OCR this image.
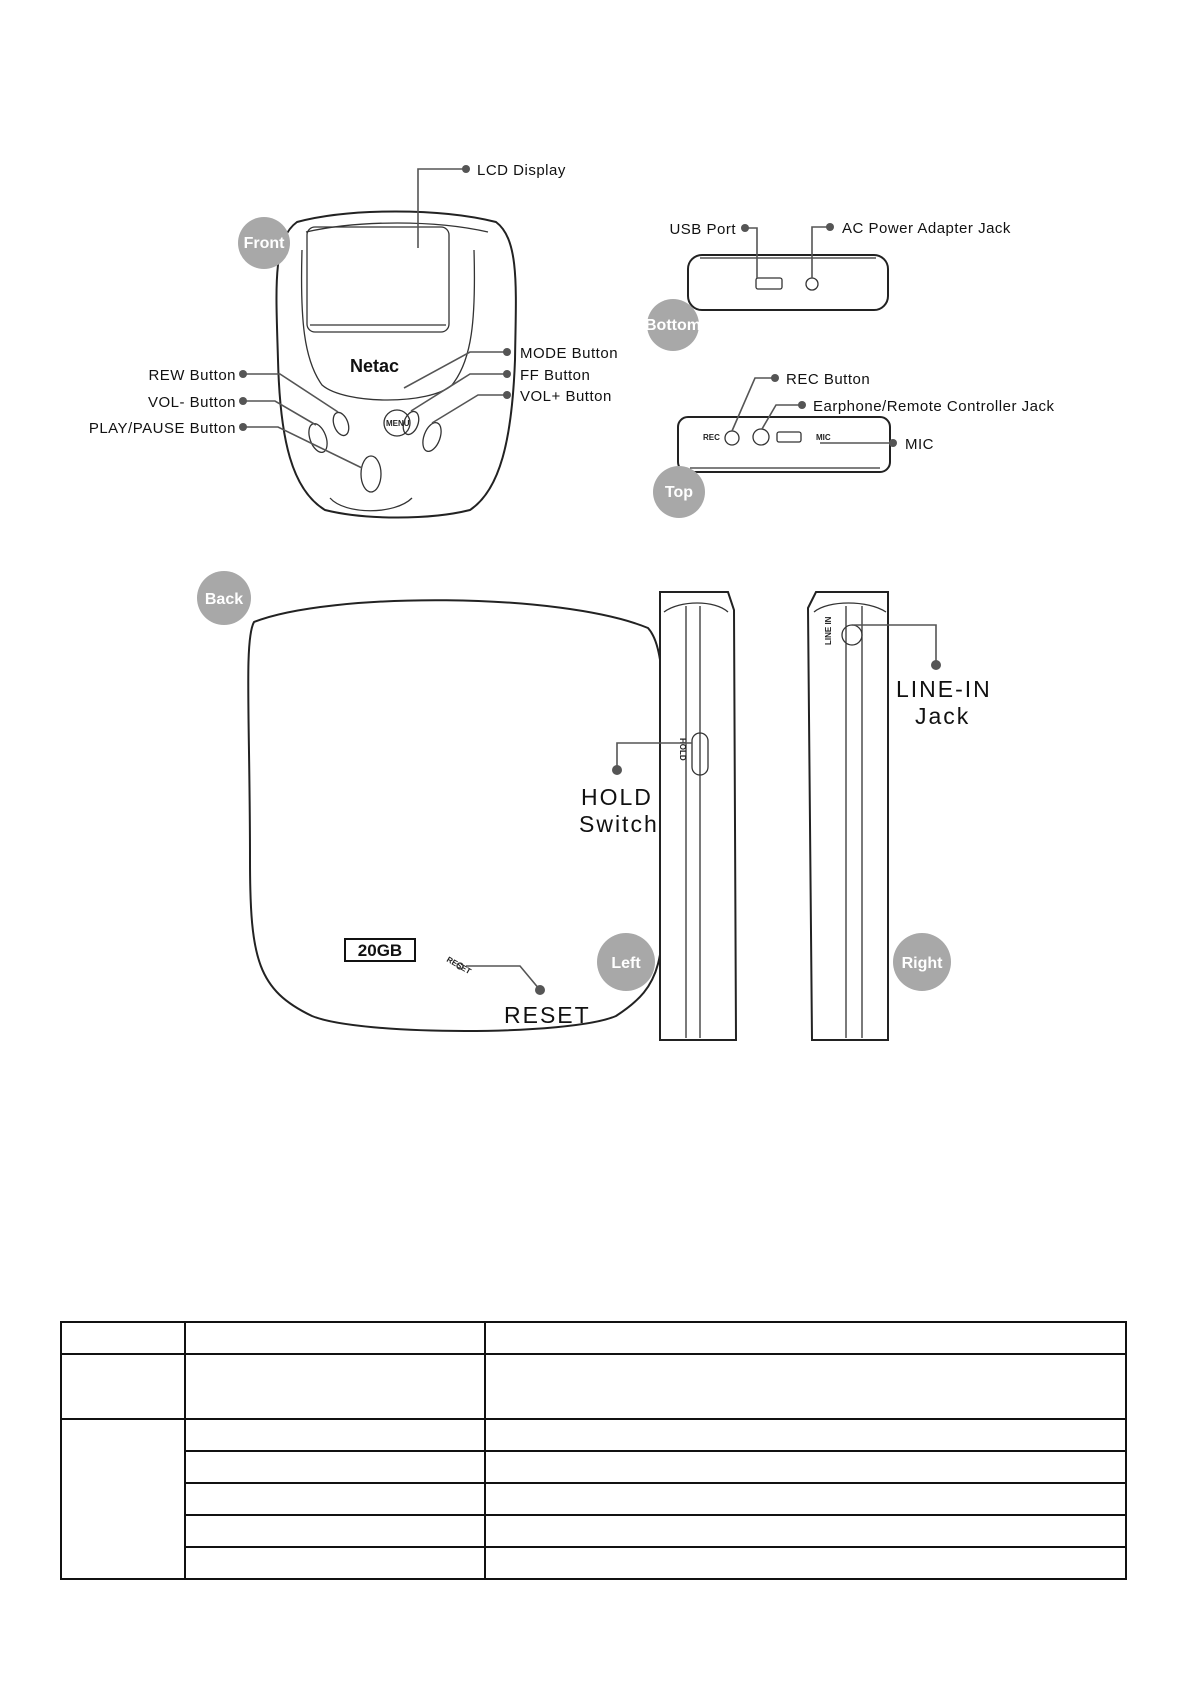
Netac
MENU
Front
LCD Display
MODE Button
FF Button
VOL+ Button
REW Button
VOL- Button
PLAY/PAUSE Button
Bottom
USB Port	AC Power Adapter Jack
REC	MIC
Top
REC Button
Earphone/Remote Controller Jack
MIC
20GB
RESET
Back
RESET
HOLD
Left
HOLD
Switch
LINE IN
Right
LINE-IN
Jack
